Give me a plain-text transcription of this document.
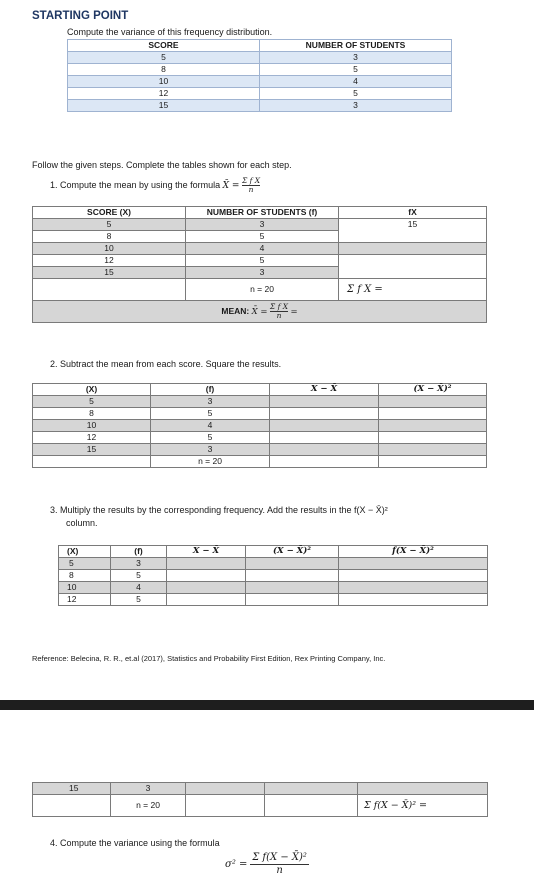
STARTING POINT
Compute the variance of this frequency distribution.
SCORE	NUMBER OF STUDENTS
5	3
8	5
10	4
12	5
15	3
Follow the given steps. Complete the tables shown for each step.
1. Compute the mean by using the formula X̄ = $\frac{\text{Σ f X}}{n}$
SCORE (X)	NUMBER OF STUDENTS (f)	fX
5	3	15
8	5	
10	4	
12	5	
15	3	
	n = 20	Σ f X =
MEAN: X̄ = $\frac{\text{Σ f X}}{n}$ =		
2. Subtract the mean from each score. Square the results.
(X)	(f)	X − X̄	(X − X̄)²
5	3		
8	5		
10	4		
12	5		
15	3		
	n = 20		
3. Multiply the results by the corresponding frequency. Add the results in the f(X − X̄)²
column.
(X)	(f)	X − X̄	(X − X̄)²	f(X − X̄)²
5	3			
8	5			
10	4			
12	5			
Reference: Belecina, R. R., et.al (2017), Statistics and Probability First Edition, Rex Printing Company, Inc.
15	3			
	n = 20			Σ f(X − X̄)² =
4. Compute the variance using the formula
$\sigma^2 = \frac{\text{Σ f(X − X̄)²}}{n}$
